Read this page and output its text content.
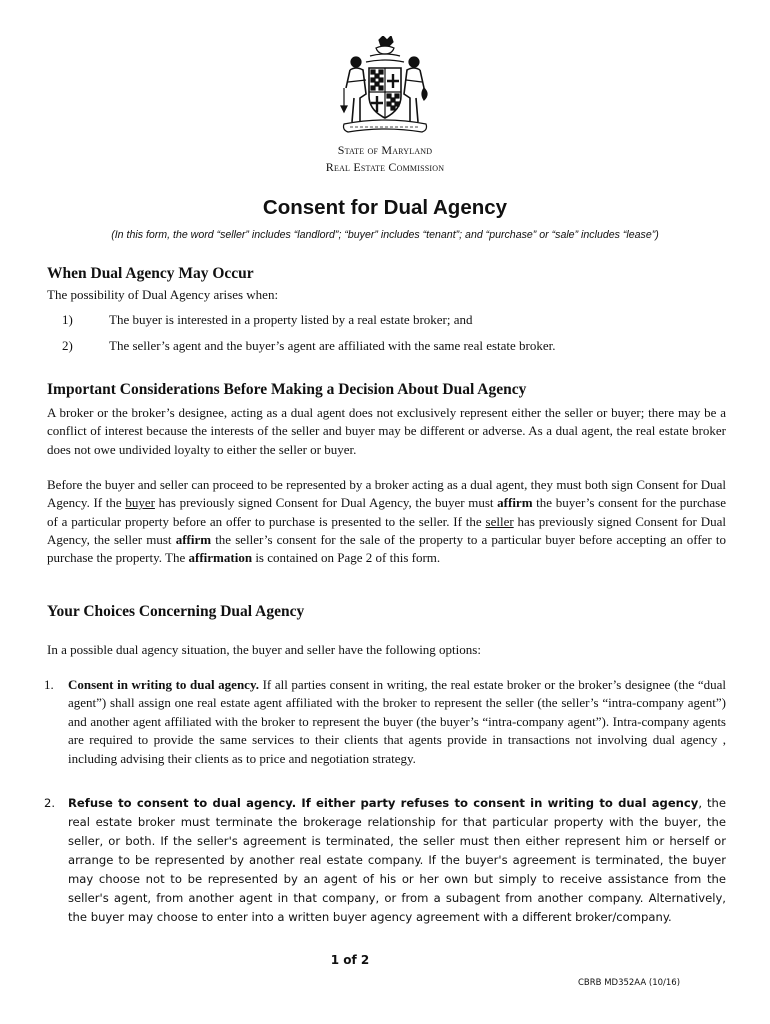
State of Maryland
Real Estate Commission
Consent for Dual Agency
(In this form, the word “seller” includes “landlord”; “buyer” includes “tenant”; and “purchase” or “sale” includes “lease”)
When Dual Agency May Occur
The possibility of Dual Agency arises when:
1)	The buyer is interested in a property listed by a real estate broker; and
2)	The seller’s agent and the buyer’s agent are affiliated with the same real estate broker.
Important Considerations Before Making a Decision About Dual Agency

A broker or the broker’s designee, acting as a dual agent does not exclusively represent either the seller or buyer; there may be a conflict of interest because the interests of the seller and buyer may be different or adverse. As a dual agent, the real estate broker does not owe undivided loyalty to either the seller or buyer.

Before the buyer and seller can proceed to be represented by a broker acting as a dual agent, they must both sign Consent for Dual Agency. If the buyer has previously signed Consent for Dual Agency, the buyer must affirm the buyer’s consent for the purchase of a particular property before an offer to purchase is presented to the seller. If the seller has previously signed Consent for Dual Agency, the seller must affirm the seller’s consent for the sale of the property to a particular buyer before accepting an offer to purchase the property. The affirmation is contained on Page 2 of this form.

Your Choices Concerning Dual Agency
In a possible dual agency situation, the buyer and seller have the following options:
1. Consent in writing to dual agency. If all parties consent in writing, the real estate broker or the broker’s designee (the “dual agent”) shall assign one real estate agent affiliated with the broker to represent the seller (the seller’s “intra-company agent”) and another agent affiliated with the broker to represent the buyer (the buyer’s “intra-company agent”). Intra-company agents are required to provide the same services to their clients that agents provide in transactions not involving dual agency , including advising their clients as to price and negotiation strategy.
2. Refuse to consent to dual agency. If either party refuses to consent in writing to dual agency, the real estate broker must terminate the brokerage relationship for that particular property with the buyer, the seller, or both. If the seller's agreement is terminated, the seller must then either represent him or herself or arrange to be represented by another real estate company. If the buyer's agreement is terminated, the buyer may choose not to be represented by an agent of his or her own but simply to receive assistance from the seller's agent, from another agent in that company, or from a subagent from another company. Alternatively, the buyer may choose to enter into a written buyer agency agreement with a different broker/company.
1 of 2
CBRB MD352AA (10/16)
